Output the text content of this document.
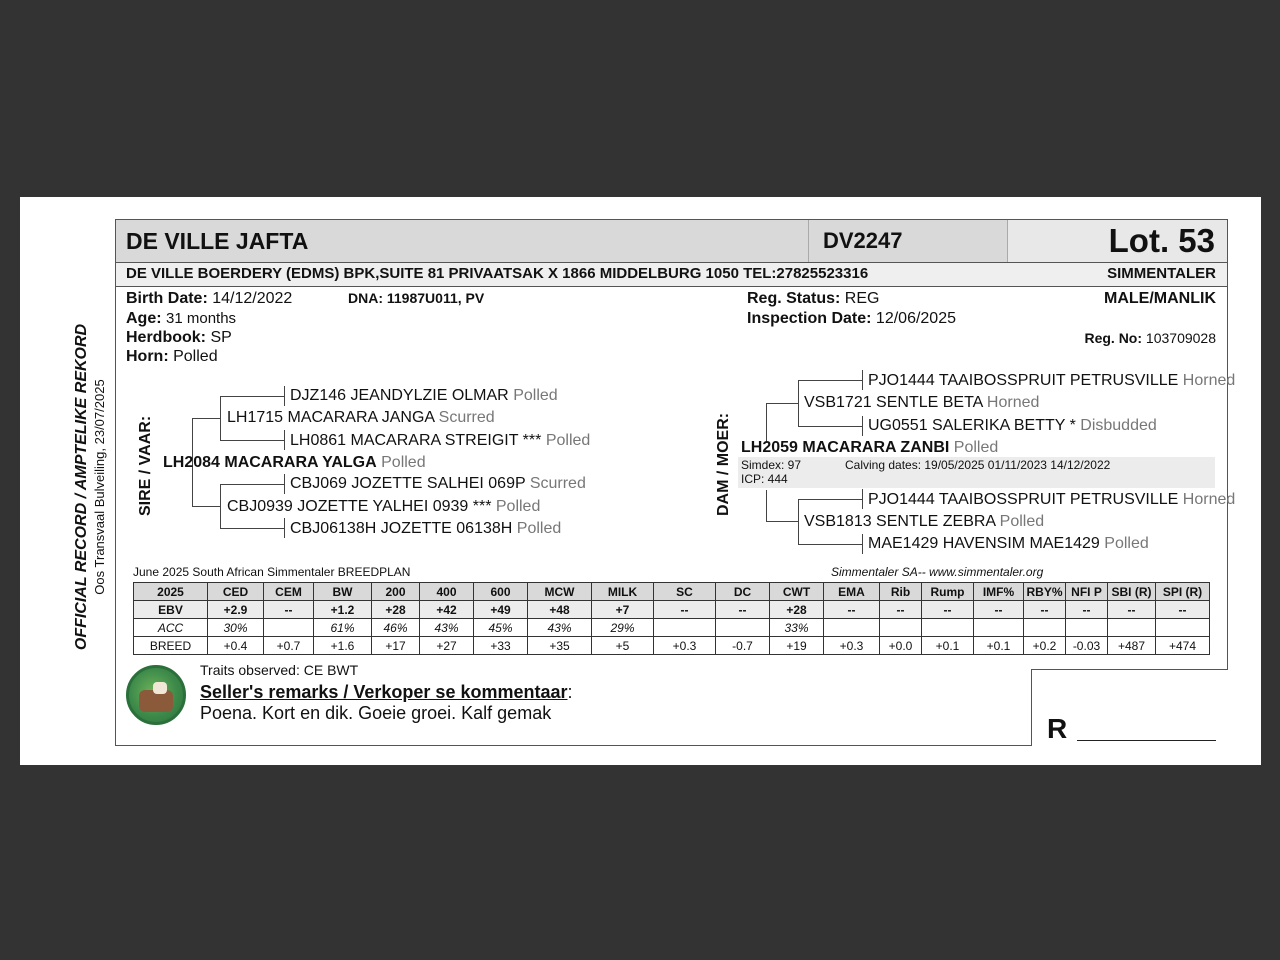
OFFICIAL RECORD / AMPTELIKE REKORD Oos Transvaal Bulveiling, 23/07/2025
DE VILLE JAFTA	DV2247	Lot. 53
DE VILLE BOERDERY (EDMS) BPK,SUITE 81 PRIVAATSAK X 1866 MIDDELBURG 1050 TEL:27825523316	SIMMENTALER
Birth Date: 14/12/2022	DNA: 11987U011, PV
Age: 31 months
Herdbook: SP
Horn: Polled
Reg. Status: REG
Inspection Date: 12/06/2025
MALE/MANLIK
Reg. No: 103709028
SIRE / VAAR:
DJZ146 JEANDYLZIE OLMAR Polled
LH1715 MACARARA JANGA Scurred
LH0861 MACARARA STREIGIT *** Polled
LH2084 MACARARA YALGA Polled
CBJ069 JOZETTE SALHEI 069P Scurred
CBJ0939 JOZETTE YALHEI 0939 *** Polled
CBJ06138H JOZETTE 06138H Polled
DAM / MOER:
PJO1444 TAAIBOSSPRUIT PETRUSVILLE Horned
VSB1721 SENTLE BETA Horned
UG0551 SALERIKA BETTY * Disbudded
LH2059 MACARARA ZANBI Polled
Simdex: 97	Calving dates: 19/05/2025 01/11/2023 14/12/2022
ICP: 444
PJO1444 TAAIBOSSPRUIT PETRUSVILLE Horned
VSB1813 SENTLE ZEBRA Polled
MAE1429 HAVENSIM MAE1429 Polled
June 2025 South African Simmentaler BREEDPLAN	Simmentaler SA-- www.simmentaler.org
2025	CED	CEM	BW	200	400	600	MCW	MILK	SC	DC	CWT	EMA	Rib	Rump	IMF%	RBY%	NFI P	SBI (R)	SPI (R)
EBV	+2.9	--	+1.2	+28	+42	+49	+48	+7	--	--	+28	--	--	--	--	--	--	--	--
ACC	30%		61%	46%	43%	45%	43%	29%			33%								
BREED	+0.4	+0.7	+1.6	+17	+27	+33	+35	+5	+0.3	-0.7	+19	+0.3	+0.0	+0.1	+0.1	+0.2	-0.03	+487	+474
Traits observed: CE BWT
Seller's remarks / Verkoper se kommentaar:
Poena. Kort en dik. Goeie groei. Kalf gemak	R
